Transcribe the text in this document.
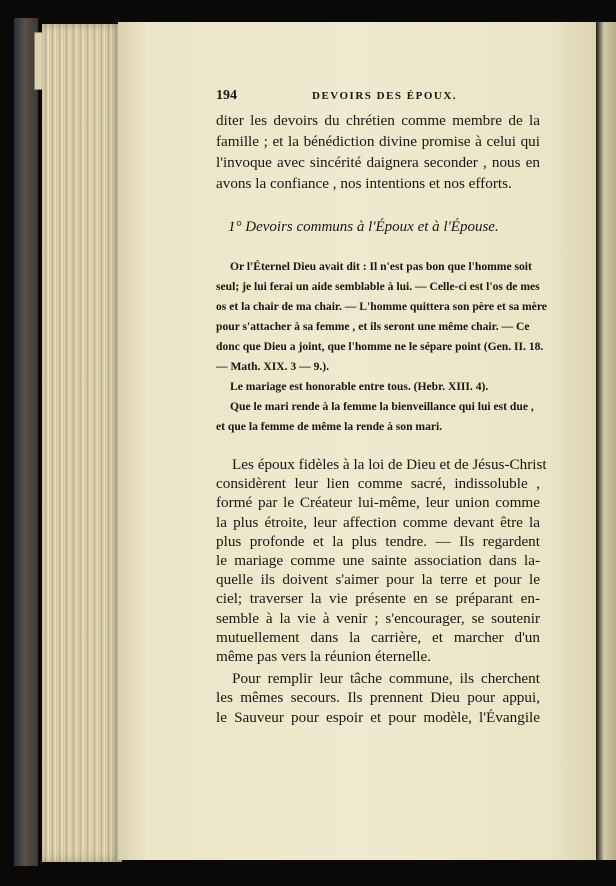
194	DEVOIRS DES ÉPOUX.

diter les devoirs du chrétien comme membre de la
famille ; et la bénédiction divine promise à celui qui
l'invoque avec sincérité daignera seconder , nous en
avons la confiance , nos intentions et nos efforts.

1° Devoirs communs à l'Époux et à l'Épouse.
Or l'Éternel Dieu avait dit : Il n'est pas bon que l'homme soit
seul; je lui ferai un aide semblable à lui. — Celle-ci est l'os de mes
os et la chair de ma chair. — L'homme quittera son père et sa mère
pour s'attacher à sa femme , et ils seront une même chair. — Ce
donc que Dieu a joint, que l'homme ne le sépare point (Gen. II. 18.
— Math. XIX. 3 — 9.).
Le mariage est honorable entre tous. (Hebr. XIII. 4).
Que le mari rende à la femme la bienveillance qui lui est due ,
et que la femme de même la rende à son mari.
Les époux fidèles à la loi de Dieu et de Jésus-Christ
considèrent leur lien comme sacré, indissoluble ,
formé par le Créateur lui-même, leur union comme
la plus étroite, leur affection comme devant être la
plus profonde et la plus tendre. — Ils regardent
le mariage comme une sainte association dans la-
quelle ils doivent s'aimer pour la terre et pour le
ciel; traverser la vie présente en se préparant en-
semble à la vie à venir ; s'encourager, se soutenir
mutuellement dans la carrière, et marcher d'un
même pas vers la réunion éternelle.
Pour remplir leur tâche commune, ils cherchent
les mêmes secours. Ils prennent Dieu pour appui,
le Sauveur pour espoir et pour modèle, l'Évangile
